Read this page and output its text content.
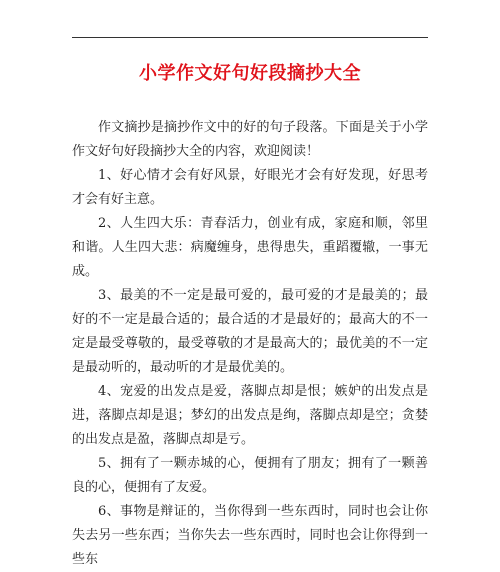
小学作文好句好段摘抄大全

作文摘抄是摘抄作文中的好的句子段落。下面是关于小学作文好句好段摘抄大全的内容，欢迎阅读！

1、好心情才会有好风景，好眼光才会有好发现，好思考才会有好主意。

2、人生四大乐：青春活力，创业有成，家庭和顺，邻里和谐。人生四大悲：病魔缠身，患得患失，重蹈覆辙，一事无成。

3、最美的不一定是最可爱的，最可爱的才是最美的；最好的不一定是最合适的；最合适的才是最好的；最高大的不一定是最受尊敬的，最受尊敬的才是最高大的；最优美的不一定是最动听的，最动听的才是最优美的。

4、宠爱的出发点是爱，落脚点却是恨；嫉妒的出发点是进，落脚点却是退；梦幻的出发点是绚，落脚点却是空；贪婪的出发点是盈，落脚点却是亏。

5、拥有了一颗赤城的心，便拥有了朋友；拥有了一颗善良的心，便拥有了友爱。

6、事物是辩证的，当你得到一些东西时，同时也会让你失去另一些东西；当你失去一些东西时，同时也会让你得到一些东
